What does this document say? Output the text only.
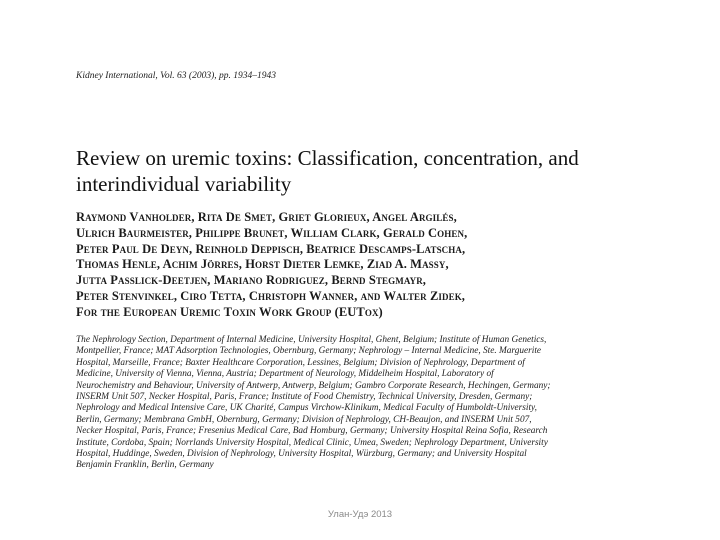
Kidney International, Vol. 63 (2003), pp. 1934–1943
Review on uremic toxins: Classification, concentration, and
interindividual variability
Raymond Vanholder, Rita De Smet, Griet Glorieux, Angel Argilés,
Ulrich Baurmeister, Philippe Brunet, William Clark, Gerald Cohen,
Peter Paul De Deyn, Reinhold Deppisch, Beatrice Descamps-Latscha,
Thomas Henle, Achim Jörres, Horst Dieter Lemke, Ziad A. Massy,
Jutta Passlick-Deetjen, Mariano Rodriguez, Bernd Stegmayr,
Peter Stenvinkel, Ciro Tetta, Christoph Wanner, and Walter Zidek,
For the European Uremic Toxin Work Group (EUTox)
The Nephrology Section, Department of Internal Medicine, University Hospital, Ghent, Belgium; Institute of Human Genetics,
Montpellier, France; MAT Adsorption Technologies, Obernburg, Germany; Nephrology – Internal Medicine, Ste. Marguerite
Hospital, Marseille, France; Baxter Healthcare Corporation, Lessines, Belgium; Division of Nephrology, Department of
Medicine, University of Vienna, Vienna, Austria; Department of Neurology, Middelheim Hospital, Laboratory of
Neurochemistry and Behaviour, University of Antwerp, Antwerp, Belgium; Gambro Corporate Research, Hechingen, Germany;
INSERM Unit 507, Necker Hospital, Paris, France; Institute of Food Chemistry, Technical University, Dresden, Germany;
Nephrology and Medical Intensive Care, UK Charité, Campus Virchow-Klinikum, Medical Faculty of Humboldt-University,
Berlin, Germany; Membrana GmbH, Obernburg, Germany; Division of Nephrology, CH-Beaujon, and INSERM Unit 507,
Necker Hospital, Paris, France; Fresenius Medical Care, Bad Homburg, Germany; University Hospital Reina Sofia, Research
Institute, Cordoba, Spain; Norrlands University Hospital, Medical Clinic, Umea, Sweden; Nephrology Department, University
Hospital, Huddinge, Sweden, Division of Nephrology, University Hospital, Würzburg, Germany; and University Hospital
Benjamin Franklin, Berlin, Germany
Улан-Удэ 2013
